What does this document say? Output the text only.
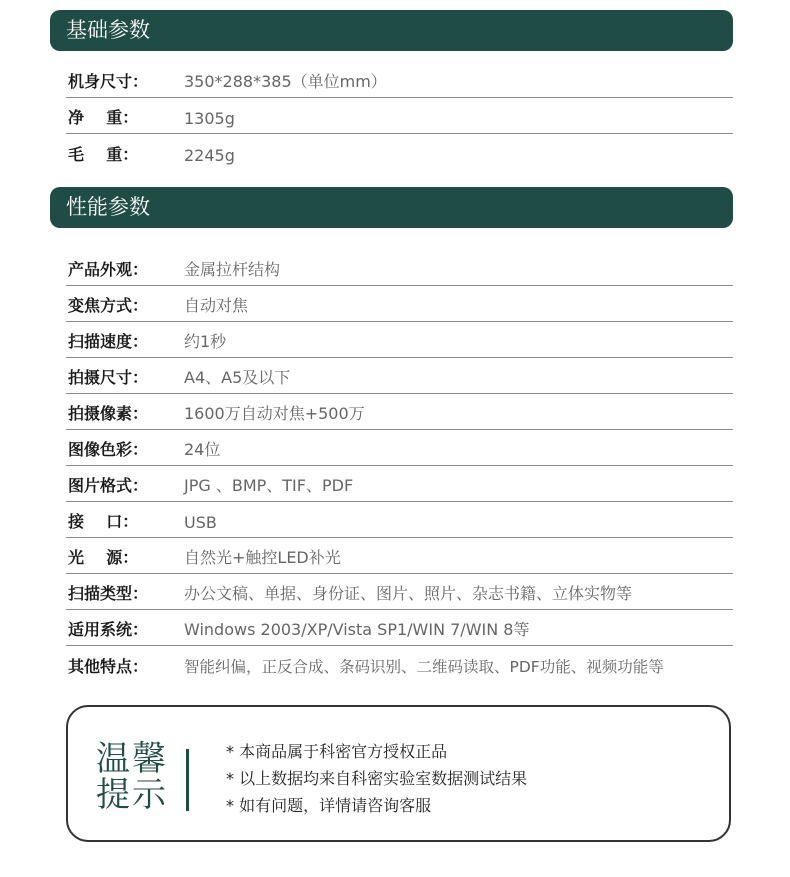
基础参数
机身尺寸： 350*288*385（单位mm）
净    重：	1305g
毛    重：	2245g
性能参数
产品外观： 金属拉杆结构
变焦方式： 自动对焦
扫描速度： 约1秒
拍摄尺寸： A4、A5及以下
拍摄像素： 1600万自动对焦+500万
图像色彩： 24位
图片格式： JPG 、BMP、TIF、PDF
接    口：	USB
光    源：	自然光+触控LED补光
扫描类型： 办公文稿、单据、身份证、图片、照片、杂志书籍、立体实物等
适用系统： Windows 2003/XP/Vista SP1/WIN 7/WIN 8等
其他特点： 智能纠偏，正反合成、条码识别、二维码读取、PDF功能、视频功能等
温馨
提示
* 本商品属于科密官方授权正品
* 以上数据均来自科密实验室数据测试结果
* 如有问题，详情请咨询客服
